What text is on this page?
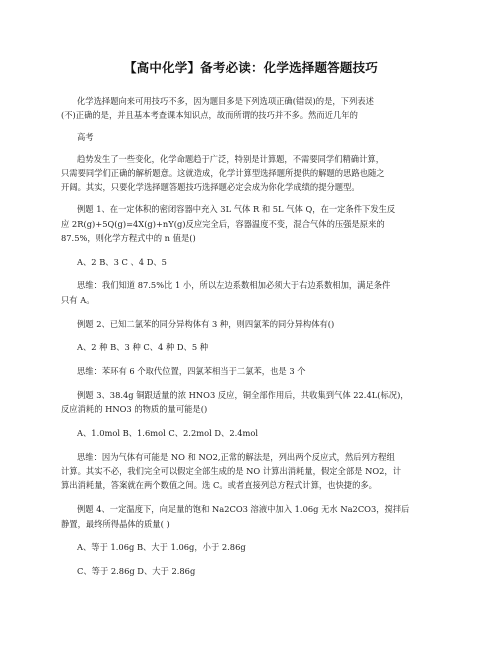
【高中化学】备考必读：化学选择题答题技巧

化学选择题向来可用技巧不多，因为题目多是下列选项正确(错误)的是，下列表述
(不)正确的是，并且基本考查课本知识点，故而所谓的技巧并不多。然而近几年的

高考

趋势发生了一些变化，化学命题趋于广泛，特别是计算题，不需要同学们精确计算，
只需要同学们正确的解析题意。这就造成，化学计算型选择题所提供的解题的思路也随之
开阔。其实，只要化学选择题答题技巧选择题必定会成为你化学成绩的提分题型。

例题 1、在一定体积的密闭容器中充入 3L 气体 R 和 5L 气体 Q，在一定条件下发生反
应 2R(g)+5Q(g)=4X(g)+nY(g)反应完全后，容器温度不变，混合气体的压强是原来的
87.5%，则化学方程式中的 n 值是()

A、2 B、3 C 、4 D、5

思维：我们知道 87.5%比 1 小，所以左边系数相加必须大于右边系数相加，满足条件
只有 A。

例题 2、已知二氯苯的同分异构体有 3 种，则四氯苯的同分异构体有()

A、2 种 B、3 种 C、4 种 D、5 种

思维：苯环有 6 个取代位置，四氯苯相当于二氯苯，也是 3 个

例题 3、38.4g 铜跟适量的浓 HNO3 反应，铜全部作用后，共收集到气体 22.4L(标况)，
反应消耗的 HNO3 的物质的量可能是()

A、1.0mol B、1.6mol C、2.2mol D、2.4mol

思维：因为气体有可能是 NO 和 NO2,正常的解法是，列出两个反应式，然后列方程组
计算。其实不必，我们完全可以假定全部生成的是 NO 计算出消耗量，假定全部是 NO2，计
算出消耗量，答案就在两个数值之间。选 C。或者直接列总方程式计算，也快捷的多。

例题 4、一定温度下，向足量的饱和 Na2CO3 溶液中加入 1.06g 无水 Na2CO3，搅拌后
静置，最终所得晶体的质量( )

A、等于 1.06g B、大于 1.06g，小于 2.86g

C、等于 2.86g D、大于 2.86g
